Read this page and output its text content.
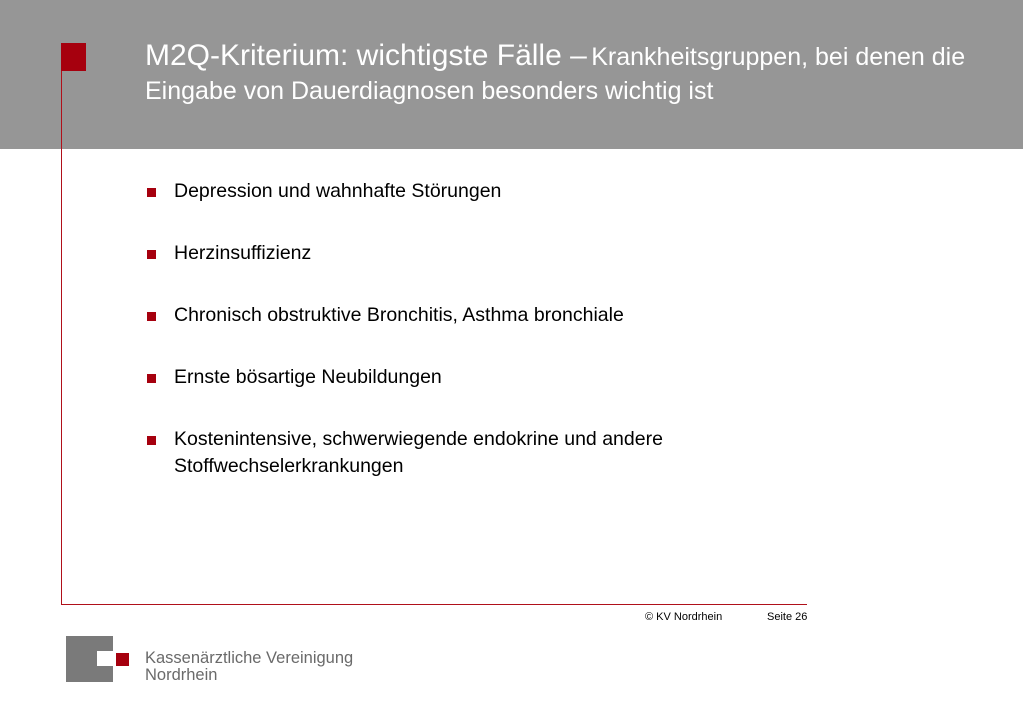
M2Q-Kriterium: wichtigste Fälle – Krankheitsgruppen, bei denen die Eingabe von Dauerdiagnosen besonders wichtig ist
Depression und wahnhafte Störungen
Herzinsuffizienz
Chronisch obstruktive Bronchitis, Asthma bronchiale
Ernste bösartige Neubildungen
Kostenintensive, schwerwiegende endokrine und andere Stoffwechselerkrankungen
© KV Nordrhein	Seite 26
Kassenärztliche Vereinigung
Nordrhein
